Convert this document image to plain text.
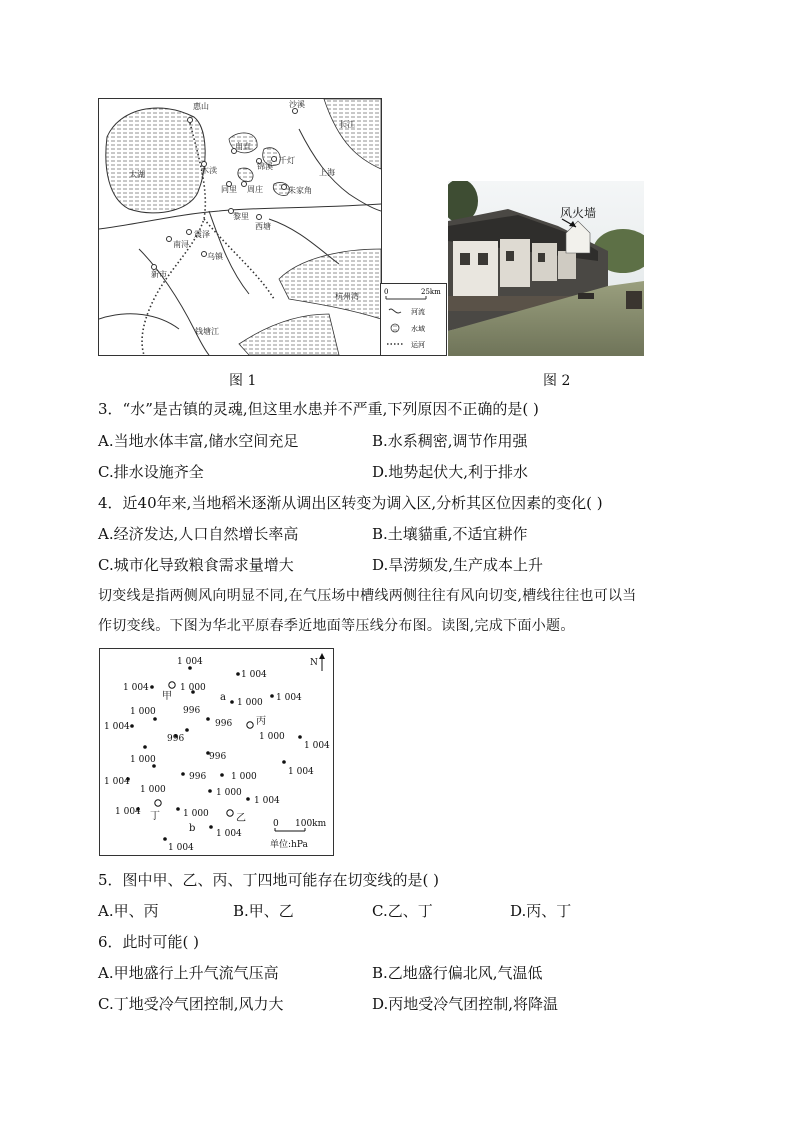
惠山	沙溪
长江
太湖	木渎
甪直
锦溪
千灯
同里 周庄	朱家角
上海
黎里
西塘
震泽
南浔
乌镇
新市
杭州湾
钱塘江
0	25km
河流
水域
运河
风火墙
图 1	图 2
3．“水”是古镇的灵魂,但这里水患并不严重,下列原因不正确的是( )
A.当地水体丰富,储水空间充足	B.水系稠密,调节作用强
C.排水设施齐全	D.地势起伏大,利于排水
4．近40年来,当地稻米逐渐从调出区转变为调入区,分析其区位因素的变化( )
A.经济发达,人口自然增长率高	B.土壤貓重,不适宜耕作
C.城市化导致粮食需求量增大	D.旱涝频发,生产成本上升
切变线是指两侧风向明显不同,在气压场中槽线两侧往往有风向切变,槽线往往也可以当
作切变线。下图为华北平原春季近地面等压线分布图。读图,完成下面小题。
N
1 004
1 004
1 004	1 000
1 000 1 004
1 000	996
1 004	996
996	1 000
1 004
996
1 000
1 004
1 004	996	1 000
1 000	1 000
1 004
1 004	1 000
1 004
1 004
甲	a
丙
丁	乙
b	0 100km
单位:hPa
5．图中甲、乙、丙、丁四地可能存在切变线的是( )
A.甲、丙	B.甲、乙	C.乙、丁	D.丙、丁
6．此时可能( )
A.甲地盛行上升气流气压高	B.乙地盛行偏北风,气温低
C.丁地受冷气团控制,风力大	D.丙地受冷气团控制,将降温
